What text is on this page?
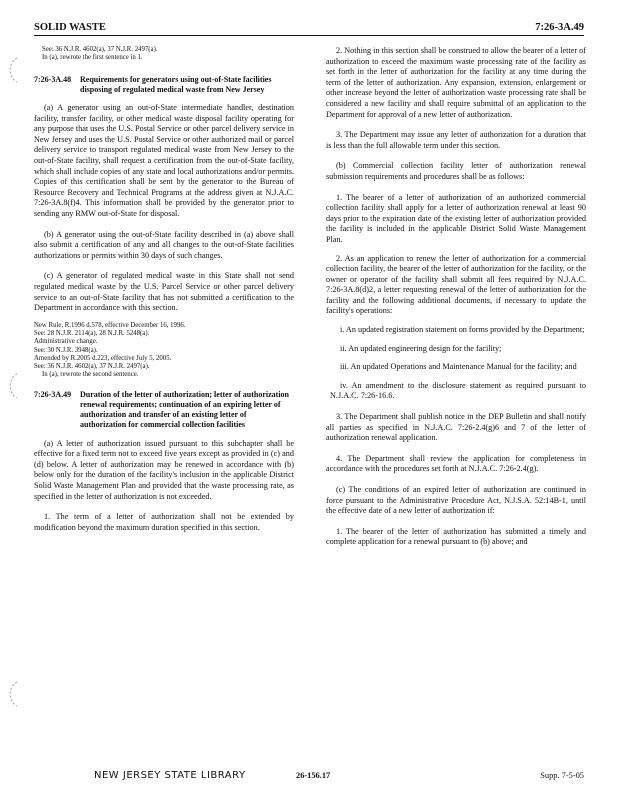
SOLID WASTE	7:26-3A.49

See: 36 N.J.R. 4602(a), 37 N.J.R. 2497(a).

In (a), rewrote the first sentence in 1.

7:26-3A.48	Requirements for generators using out-of-State facilities disposing of regulated medical waste from New Jersey

(a) A generator using an out-of-State intermediate handler, destination facility, transfer facility, or other medical waste disposal facility operating for any purpose that uses the U.S. Postal Service or other parcel delivery service in New Jersey and uses the U.S. Postal Service or other authorized mail or parcel delivery service to transport regulated medical waste from New Jersey to the out-of-State facility, shall request a certification from the out-of-State facility, which shall include copies of any state and local authorizations and/or permits. Copies of this certification shall be sent by the generator to the Bureau of Resource Recovery and Technical Programs at the address given at N.J.A.C. 7:26-3A.8(f)4. This information shall be provided by the generator prior to sending any RMW out-of-State for disposal.

(b) A generator using the out-of-State facility described in (a) above shall also submit a certification of any and all changes to the out-of-State facilities authorizations or permits within 30 days of such changes.

(c) A generator of regulated medical waste in this State shall not send regulated medical waste by the U.S. Parcel Service or other parcel delivery service to an out-of-State facility that has not submitted a certification to the Department in accordance with this section.

New Rule, R.1996 d.578, effective December 16, 1996.

See: 28 N.J.R. 2114(a), 28 N.J.R. 5248(a).

Administrative change.

See: 30 N.J.R. 3948(a).

Amended by R.2005 d.223, effective July 5, 2005.

See: 36 N.J.R. 4602(a), 37 N.J.R. 2497(a).

In (a), rewrote the second sentence.

7:26-3A.49	Duration of the letter of authorization; letter of authorization renewal requirements; continuation of an expiring letter of authorization and transfer of an existing letter of authorization for commercial collection facilities

(a) A letter of authorization issued pursuant to this subchapter shall be effective for a fixed term not to exceed five years except as provided in (c) and (d) below. A letter of authorization may be renewed in accordance with (b) below only for the duration of the facility's inclusion in the applicable District Solid Waste Management Plan and provided that the waste processing rate, as specified in the letter of authorization is not exceeded.

1. The term of a letter of authorization shall not be extended by modification beyond the maximum duration specified in this section.

2. Nothing in this section shall be construed to allow the bearer of a letter of authorization to exceed the maximum waste processing rate of the facility as set forth in the letter of authorization for the facility at any time during the term of the letter of authorization. Any expansion, extension, enlargement or other increase beyond the letter of authorization waste processing rate shall be considered a new facility and shall require submittal of an application to the Department for approval of a new letter of authorization.

3. The Department may issue any letter of authorization for a duration that is less than the full allowable term under this section.

(b) Commercial collection facility letter of authorization renewal submission requirements and procedures shall be as follows:

1. The bearer of a letter of authorization of an authorized commercial collection facility shall apply for a letter of authorization renewal at least 90 days prior to the expiration date of the existing letter of authorization provided the facility is included in the applicable District Solid Waste Management Plan.

2. As an application to renew the letter of authorization for a commercial collection facility, the bearer of the letter of authorization for the facility, or the owner or operator of the facility shall submit all fees required by N.J.A.C. 7:26-3A.8(d)2, a letter requesting renewal of the letter of authorization for the facility and the following additional documents, if necessary to update the facility's operations:

i. An updated registration statement on forms provided by the Department;

ii. An updated engineering design for the facility;

iii. An updated Operations and Maintenance Manual for the facility; and

iv. An amendment to the disclosure statement as required pursuant to N.J.A.C. 7:26-16.6.

3. The Department shall publish notice in the DEP Bulletin and shall notify all parties as specified in N.J.A.C. 7:26-2.4(g)6 and 7 of the letter of authorization renewal application.

4. The Department shall review the application for completeness in accordance with the procedures set forth at N.J.A.C. 7:26-2.4(g).

(c) The conditions of an expired letter of authorization are continued in force pursuant to the Administrative Procedure Act, N.J.S.A. 52:14B-1, until the effective date of a new letter of authorization if:

1. The bearer of the letter of authorization has submitted a timely and complete application for a renewal pursuant to (b) above; and

NEW JERSEY STATE LIBRARY	26-156.17	Supp. 7-5-05
